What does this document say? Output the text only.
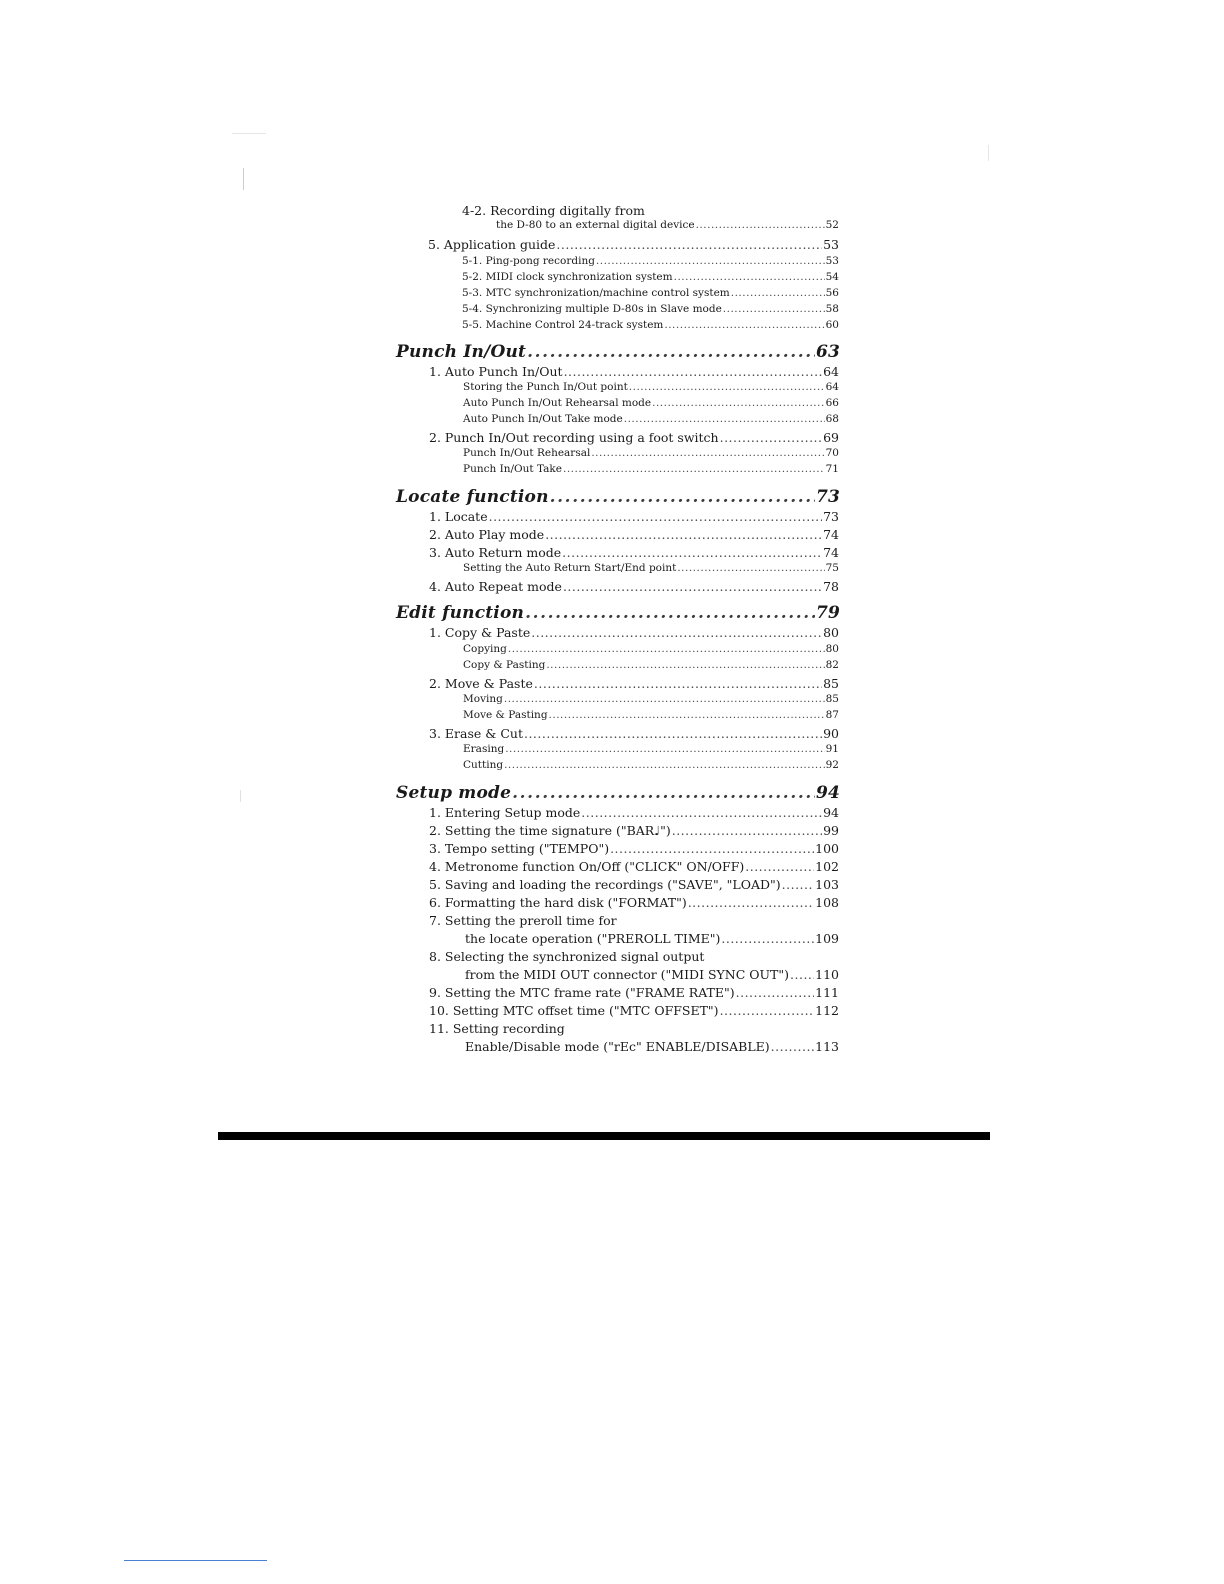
4-2. Recording digitally from
the D-80 to an external digital device .....	52
5. Application guide .....	53
5-1. Ping-pong recording .....	53
5-2. MIDI clock synchronization system .....	54
5-3. MTC synchronization/machine control system .....	56
5-4. Synchronizing multiple D-80s in Slave mode .....	58
5-5. Machine Control 24-track system .....	60
Punch In/Out .....	63
1. Auto Punch In/Out .....	64
Storing the Punch In/Out point .....	64
Auto Punch In/Out Rehearsal mode .....	66
Auto Punch In/Out Take mode .....	68
2. Punch In/Out recording using a foot switch .....	69
Punch In/Out Rehearsal .....	70
Punch In/Out Take .....	71
Locate function .....	73
1. Locate .....	73
2. Auto Play mode .....	74
3. Auto Return mode .....	74
Setting the Auto Return Start/End point .....	75
4. Auto Repeat mode .....	78
Edit function .....	79
1. Copy & Paste .....	80
Copying .....	80
Copy & Pasting .....	82
2. Move & Paste .....	85
Moving .....	85
Move & Pasting .....	87
3. Erase & Cut .....	90
Erasing .....	91
Cutting .....	92
Setup mode .....	94
1. Entering Setup mode .....	94
2. Setting the time signature ("BAR♩") .....	99
3. Tempo setting ("TEMPO") .....	100
4. Metronome function On/Off ("CLICK" ON/OFF) .....	102
5. Saving and loading the recordings ("SAVE", "LOAD") .....	103
6. Formatting the hard disk ("FORMAT") .....	108
7. Setting the preroll time for
the locate operation ("PREROLL TIME") .....	109
8. Selecting the synchronized signal output
from the MIDI OUT connector ("MIDI SYNC OUT") ..... 110
9. Setting the MTC frame rate ("FRAME RATE") .....	111
10. Setting MTC offset time ("MTC OFFSET") .....	112
11. Setting recording
Enable/Disable mode ("rEc" ENABLE/DISABLE) .....	113
